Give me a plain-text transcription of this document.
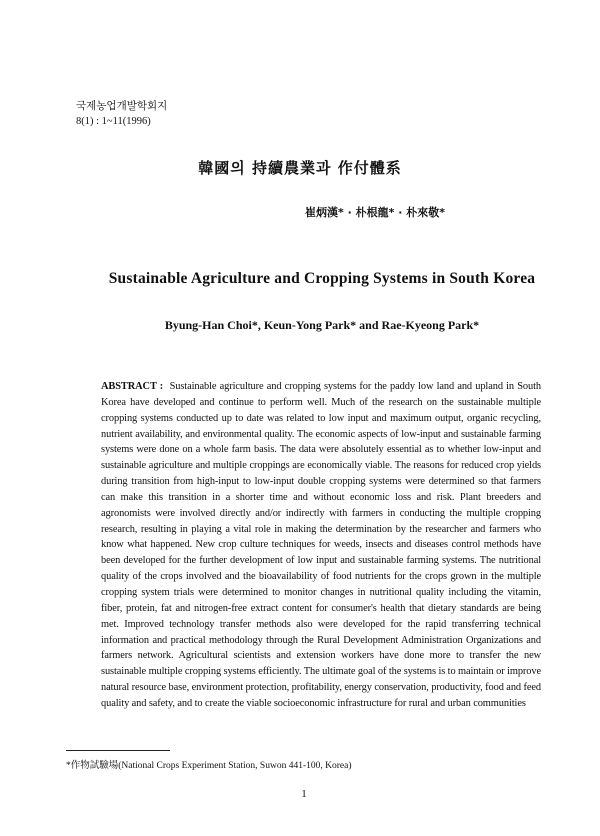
국제농업개발학회지
8(1) : 1~11(1996)
韓國의 持續農業과 作付體系
崔炳漢* · 朴根龍* · 朴來敬*
Sustainable Agriculture and Cropping Systems in South Korea
Byung-Han Choi*, Keun-Yong Park* and Rae-Kyeong Park*
ABSTRACT : Sustainable agriculture and cropping systems for the paddy low land and upland in South Korea have developed and continue to perform well. Much of the research on the sustainable multiple cropping systems conducted up to date was related to low input and maximum output, organic recycling, nutrient availability, and environmental quality. The economic aspects of low-input and sustainable farming systems were done on a whole farm basis. The data were absolutely essential as to whether low-input and sustainable agriculture and multiple croppings are economically viable. The reasons for reduced crop yields during transition from high-input to low-input double cropping systems were determined so that farmers can make this transition in a shorter time and without economic loss and risk. Plant breeders and agronomists were involved directly and/or indirectly with farmers in conducting the multiple cropping research, resulting in playing a vital role in making the determination by the researcher and farmers who know what happened. New crop culture techniques for weeds, insects and diseases control methods have been developed for the further development of low input and sustainable farming systems. The nutritional quality of the crops involved and the bioavailability of food nutrients for the crops grown in the multiple cropping system trials were determined to monitor changes in nutritional quality including the vitamin, fiber, protein, fat and nitrogen-free extract content for consumer's health that dietary standards are being met. Improved technology transfer methods also were developed for the rapid transferring technical information and practical methodology through the Rural Development Administration Organizations and farmers network. Agricultural scientists and extension workers have done more to transfer the new sustainable multiple cropping systems efficiently. The ultimate goal of the systems is to maintain or improve natural resource base, environment protection, profitability, energy conservation, productivity, food and feed quality and safety, and to create the viable socioeconomic infrastructure for rural and urban communities
*作物試驗場(National Crops Experiment Station, Suwon 441-100, Korea)
1
